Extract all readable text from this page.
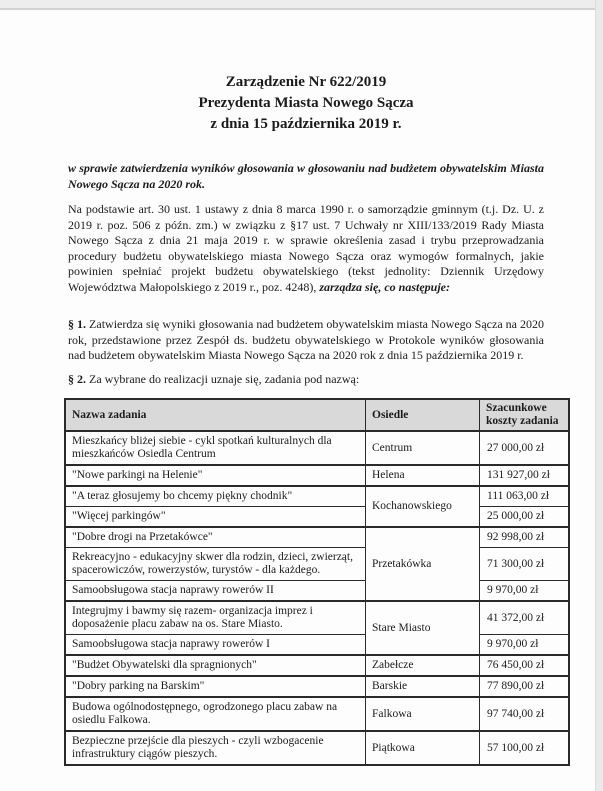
Zarządzenie Nr 622/2019
Prezydenta Miasta Nowego Sącza
z dnia 15 października 2019 r.

w sprawie zatwierdzenia wyników głosowania w głosowaniu nad budżetem obywatelskim Miasta Nowego Sącza na 2020 rok.

Na podstawie art. 30 ust. 1 ustawy z dnia 8 marca 1990 r. o samorządzie gminnym (t.j. Dz. U. z 2019 r. poz. 506 z późn. zm.) w związku z §17 ust. 7 Uchwały nr XIII/133/2019 Rady Miasta Nowego Sącza z dnia 21 maja 2019 r. w sprawie określenia zasad i trybu przeprowadzania procedury budżetu obywatelskiego miasta Nowego Sącza oraz wymogów formalnych, jakie powinien spełniać projekt budżetu obywatelskiego (tekst jednolity: Dziennik Urzędowy Województwa Małopolskiego z 2019 r., poz. 4248), zarządza się, co następuje:

§ 1. Zatwierdza się wyniki głosowania nad budżetem obywatelskim miasta Nowego Sącza na 2020 rok, przedstawione przez Zespół ds. budżetu obywatelskiego w Protokole wyników głosowania nad budżetem obywatelskim Miasta Nowego Sącza na 2020 rok z dnia 15 października 2019 r.

§ 2. Za wybrane do realizacji uznaje się, zadania pod nazwą:

Nazwa zadania	Osiedle	Szacunkowe koszty zadania
Mieszkańcy bliżej siebie - cykl spotkań kulturalnych dla mieszkańców Osiedla Centrum	Centrum	27 000,00 zł
"Nowe parkingi na Helenie"	Helena	131 927,00 zł
"A teraz głosujemy bo chcemy piękny chodnik"	Kochanowskiego	111 063,00 zł
"Więcej parkingów"		25 000,00 zł
"Dobre drogi na Przetakówce"	Przetakówka	92 998,00 zł
Rekreacyjno - edukacyjny skwer dla rodzin, dzieci, zwierząt, spacerowiczów, rowerzystów, turystów - dla każdego.		71 300,00 zł
Samoobsługowa stacja naprawy rowerów II		9 970,00 zł
Integrujmy i bawmy się razem- organizacja imprez i doposażenie placu zabaw na os. Stare Miasto.	Stare Miasto	41 372,00 zł
Samoobsługowa stacja naprawy rowerów I		9 970,00 zł
"Budżet Obywatelski dla spragnionych"	Zabełcze	76 450,00 zł
"Dobry parking na Barskim"	Barskie	77 890,00 zł
Budowa ogólnodostępnego, ogrodzonego placu zabaw na osiedlu Falkowa.	Falkowa	97 740,00 zł
Bezpieczne przejście dla pieszych - czyli wzbogacenie infrastruktury ciągów pieszych.	Piątkowa	57 100,00 zł
